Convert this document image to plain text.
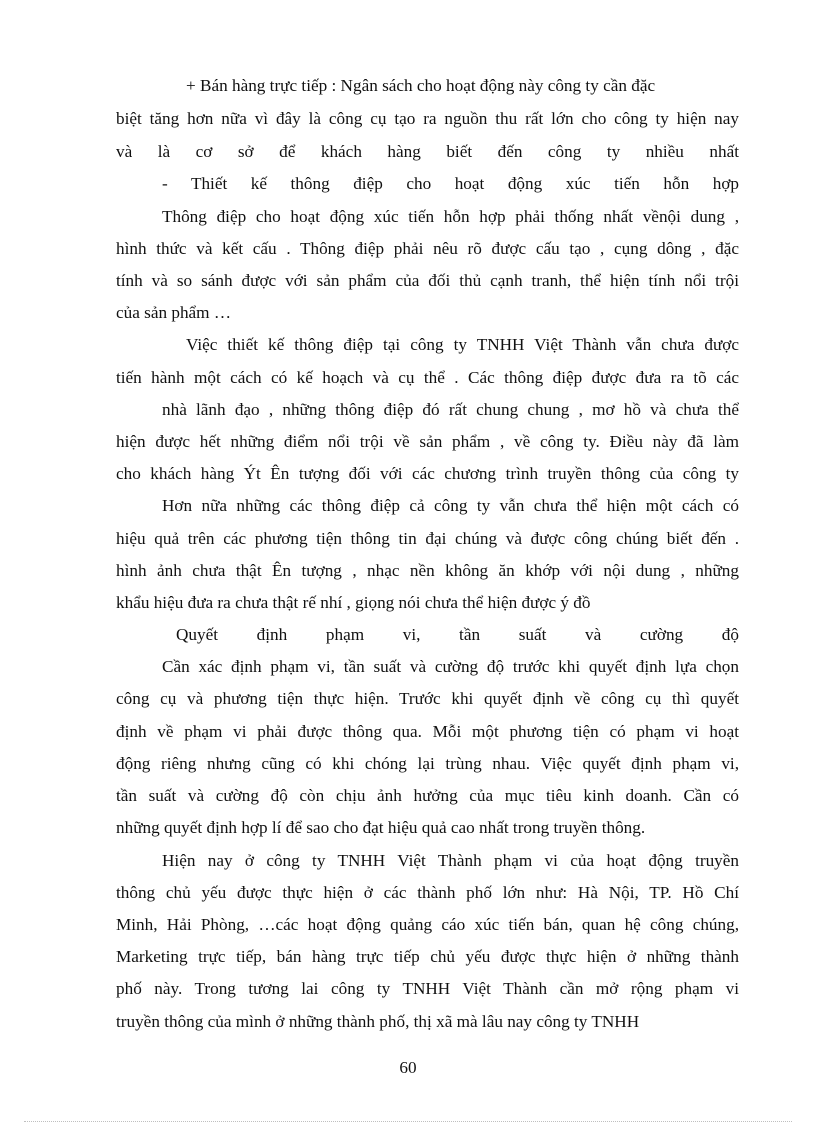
+ Bán hàng trực tiếp : Ngân sách cho hoạt động này công ty cần đặc
biệt tăng hơn nữa vì đây là công cụ tạo ra nguồn thu rất lớn cho công ty hiện nay
và là cơ sở để khách hàng biết đến công ty nhiều nhất
- Thiết kế thông điệp cho hoạt động xúc tiến hỗn hợp
Thông điệp cho hoạt động xúc tiến hỗn hợp phải thống nhất vềnội dung ,
hình thức và kết cấu . Thông điệp phải nêu rõ được cấu tạo , cụng dông , đặc
tính và so sánh được với sản phẩm của đối thủ cạnh tranh, thể hiện tính nổi trội
của sản phẩm …
Việc thiết kế thông điệp tại công ty TNHH Việt Thành vẫn chưa được
tiến hành một cách có kế hoạch và cụ thể . Các thông điệp được đưa ra tõ các
nhà lãnh đạo , những thông điệp đó rất chung chung , mơ hồ và chưa thể
hiện được hết những điểm nổi trội về sản phẩm , về công ty. Điều này đã làm
cho khách hàng Ýt Ên tượng đối với các chương trình truyền thông của công ty
Hơn nữa những các thông điệp cả công ty vẫn chưa thể hiện một cách có
hiệu quả trên các phương tiện thông tin đại chúng và được công chúng biết đến .
hình ảnh chưa thật Ên tượng , nhạc nền không ăn khớp với nội dung , những
khẩu hiệu đưa ra chưa thật rế nhí , giọng nói chưa thể hiện được ý đồ
Quyết định phạm vi, tần suất và cường độ
Cần xác định phạm vi, tần suất và cường độ trước khi quyết định lựa chọn
công cụ và phương tiện thực hiện. Trước khi quyết định về công cụ thì quyết
định về phạm vi phải được thông qua. Mỗi một phương tiện có phạm vi hoạt
động riêng nhưng cũng có khi chóng lại trùng nhau. Việc quyết định phạm vi,
tần suất và cường độ còn chịu ảnh hưởng của mục tiêu kinh doanh. Cần có
những quyết định hợp lí để sao cho đạt hiệu quả cao nhất trong truyền thông.
Hiện nay ở công ty TNHH Việt Thành phạm vi của hoạt động truyền
thông chủ yếu được thực hiện ở các thành phố lớn như: Hà Nội, TP. Hồ Chí
Minh, Hải Phòng, …các hoạt động quảng cáo xúc tiến bán, quan hệ công chúng,
Marketing trực tiếp, bán hàng trực tiếp chủ yếu được thực hiện ở những thành
phố này. Trong tương lai công ty TNHH Việt Thành cần mở rộng phạm vi
truyền thông của mình ở những thành phố, thị xã mà lâu nay công ty TNHH
60
